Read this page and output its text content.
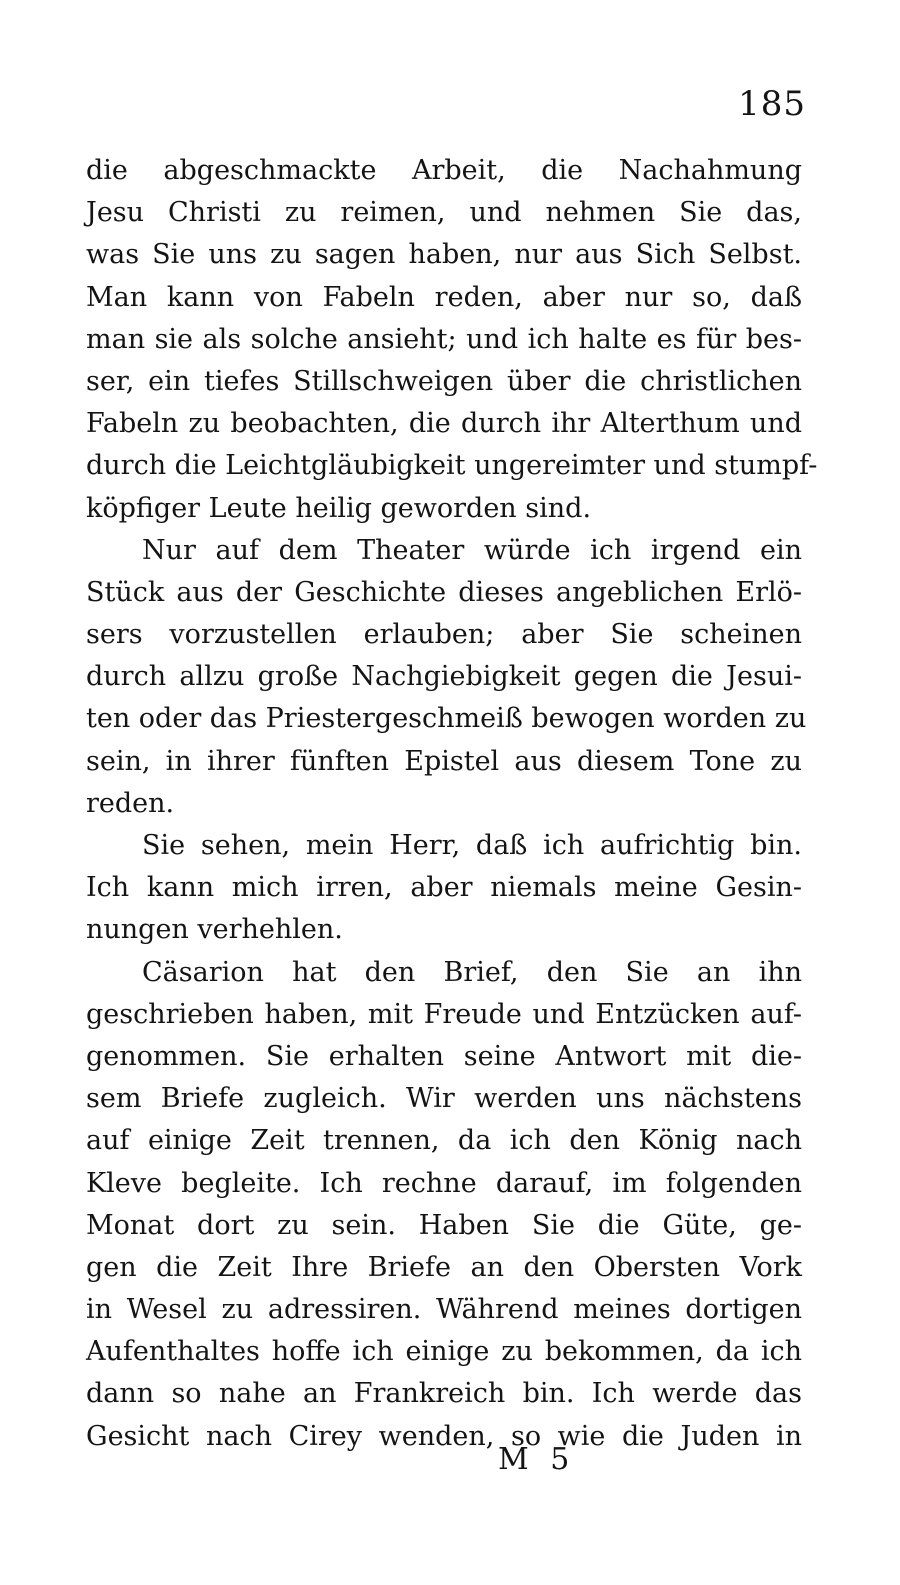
185
die abgeschmackte Arbeit, die Nachahmung
Jesu Christi zu reimen, und nehmen Sie das,
was Sie uns zu sagen haben, nur aus Sich Selbst.
Man kann von Fabeln reden, aber nur so, daß
man sie als solche ansieht; und ich halte es für bes-
ser, ein tiefes Stillschweigen über die christlichen
Fabeln zu beobachten, die durch ihr Alterthum und
durch die Leichtgläubigkeit ungereimter und stumpf-
köpfiger Leute heilig geworden sind.
Nur auf dem Theater würde ich irgend ein
Stück aus der Geschichte dieses angeblichen Erlö-
sers vorzustellen erlauben; aber Sie scheinen
durch allzu große Nachgiebigkeit gegen die Jesui-
ten oder das Priestergeschmeiß bewogen worden zu
sein, in ihrer fünften Epistel aus diesem Tone zu
reden.
Sie sehen, mein Herr, daß ich aufrichtig bin.
Ich kann mich irren, aber niemals meine Gesin-
nungen verhehlen.
Cäsarion hat den Brief, den Sie an ihn
geschrieben haben, mit Freude und Entzücken auf-
genommen. Sie erhalten seine Antwort mit die-
sem Briefe zugleich. Wir werden uns nächstens
auf einige Zeit trennen, da ich den König nach
Kleve begleite. Ich rechne darauf, im folgenden
Monat dort zu sein. Haben Sie die Güte, ge-
gen die Zeit Ihre Briefe an den Obersten Vork
in Wesel zu adressiren. Während meines dortigen
Aufenthaltes hoffe ich einige zu bekommen, da ich
dann so nahe an Frankreich bin. Ich werde das
Gesicht nach Cirey wenden, so wie die Juden in
M 5
